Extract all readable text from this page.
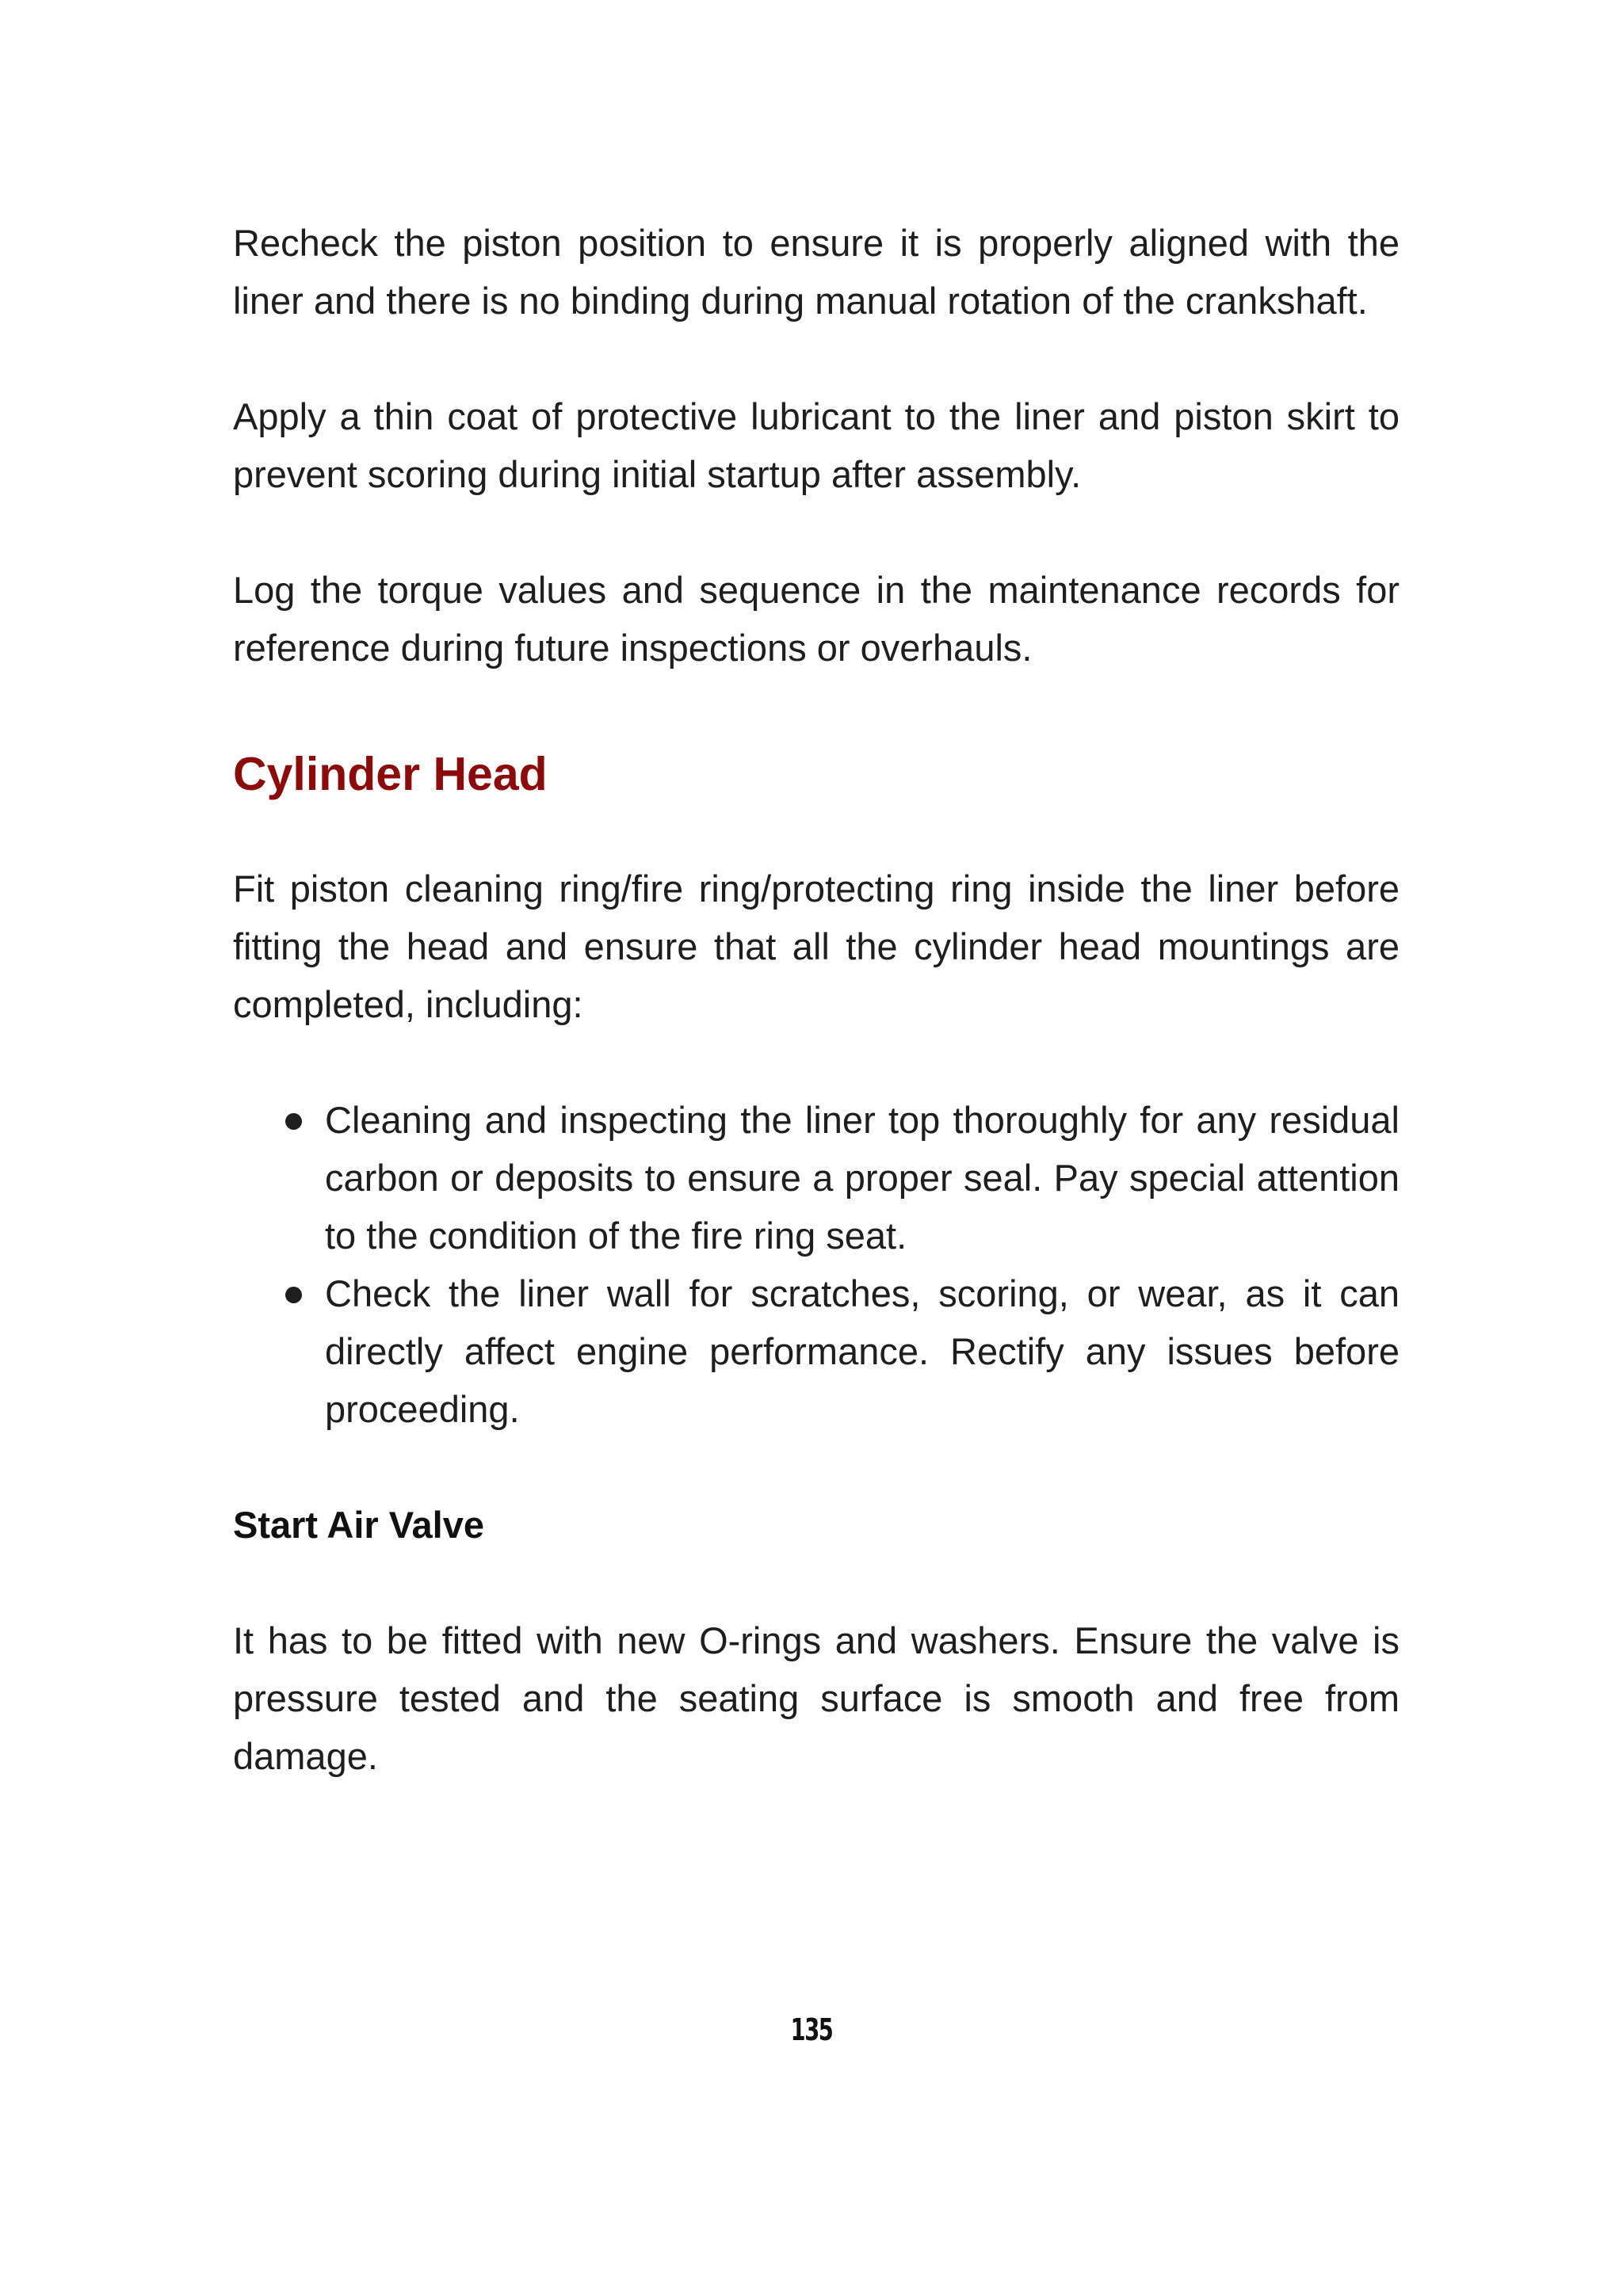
Recheck the piston position to ensure it is properly aligned with the liner and there is no binding during manual rotation of the crankshaft.

Apply a thin coat of protective lubricant to the liner and piston skirt to prevent scoring during initial startup after assembly.

Log the torque values and sequence in the maintenance records for reference during future inspections or overhauls.

Cylinder Head

Fit piston cleaning ring/fire ring/protecting ring inside the liner before fitting the head and ensure that all the cylinder head mountings are completed, including:

Cleaning and inspecting the liner top thoroughly for any residual carbon or deposits to ensure a proper seal. Pay special attention to the condition of the fire ring seat.
Check the liner wall for scratches, scoring, or wear, as it can directly affect engine performance. Rectify any issues before proceeding.
Start Air Valve

It has to be fitted with new O-rings and washers. Ensure the valve is pressure tested and the seating surface is smooth and free from damage.

135
